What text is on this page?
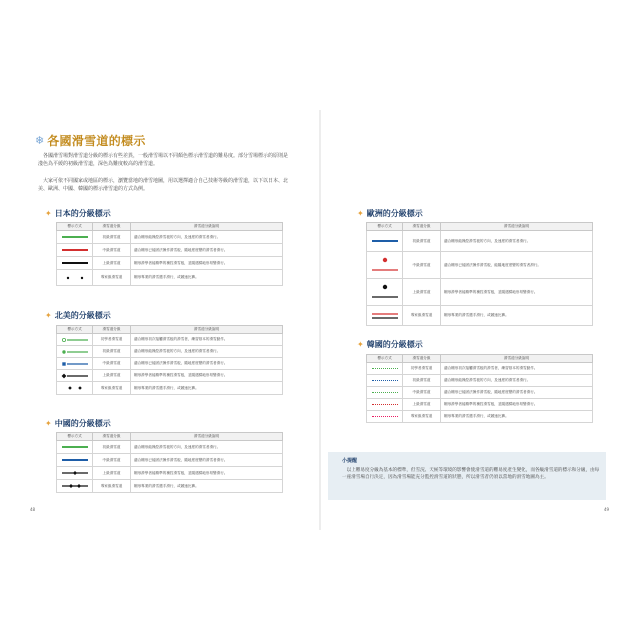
❄ 各國滑雪道的標示

　各國滑雪場對滑雪道分級的標示有些差異，一般滑雪場以不同顏色標示滑雪道的難易度。部分雪場標示的原則是淺色為平緩的初級滑雪道，深色為難度較高的滑雪道。

　大家可依不同國家或地區的標示，瀏覽當地的滑雪地圖，用以選擇適合自己技術等級的滑雪道，以下以日本、北美、歐洲、中國、韓國的標示滑雪道的方式為例。

✦ 日本的分級標示
標示方式	滑雪道分級	滑雪道分級說明

	初級滑雪道	適合剛形能操控滑雪板的方向，及速度的滑雪者滑行。

	中級滑雪道	適合剛形已能固法操作滑雪板，隨地度度變的滑雪者滑行。

	上級滑雪道	剛形滑學者能精準的操控滑雪板，並隨遇樣地形易變滑行。

	專家級滑雪道	剛形專業的滑雪選手滑行，或競速比賽。
✦ 北美的分級標示
標示方式	滑雪道分級	滑雪道分級說明

	初學者滑雪道	適合剛形初次接觸滑雪板的滑雪者，練習基本的滑雪動作。

	初級滑雪道	適合剛形能操控滑雪板的方向，及速度的滑雪者滑行。

	中級滑雪道	適合剛形已能固法操作滑雪板，隨地度度變的滑雪者滑行。

	上級滑雪道	剛形滑學者能精準的操控滑雪板，並隨遇樣地形易變滑行。

	專家級滑雪道	剛形專業的滑雪選手滑行，或競速比賽。
✦ 中國的分級標示
標示方式	滑雪道分級	滑雪道分級說明

	初級滑雪道	適合剛形能操控滑雪板的方向，及速度的滑雪者滑行。

	中級滑雪道	適合剛形已能固法操作滑雪板，隨地度度變的滑雪者滑行。

	上級滑雪道	剛形滑學者能精準的操控滑雪板，並隨遇樣地形易變滑行。

	專家級滑雪道	剛形專業的滑雪選手滑行，或競速比賽。
48
✦ 歐洲的分級標示
標示方式	滑雪道分級	滑雪道分級說明

	初級滑雪道	適合剛形能操控滑雪板的方向，及速度的滑雪者滑行。

	中級滑雪道	適合剛形已能固法操作滑雪板，能隨地度度變的滑雪者滑行。

	上級滑雪道	剛形滑學者能精準的操控滑雪板，並隨遇樣地形易變滑行。

	專家級滑雪道	剛形專業的滑雪選手滑行，或競速比賽。
✦ 韓國的分級標示
標示方式	滑雪道分級	滑雪道分級說明

	初學者滑雪道	適合剛形初次接觸滑雪板的滑雪者，練習基本的滑雪動作。

	初級滑雪道	適合剛形能操控滑雪板的方向，及速度的滑雪者滑行。

	中級滑雪道	適合剛形已能固法操作滑雪板，隨地度度變的滑雪者滑行。

	上級滑雪道	剛形滑學者能精準的操控滑雪板，並隨遇樣地形易變滑行。

	專家級滑雪道	剛形專業的滑雪選手滑行，或競速比賽。
小提醒

　以上難易度分級為基本的標準，但雪況、天候等環境的影響會使滑雪道的難易度產生變化，而各級滑雪道的標示和分級，由每一座滑雪場自行決定，因為滑雪場能充分監控滑雪道的狀態，所以滑雪者仍須以當地的滑雪地圖為主。

49
